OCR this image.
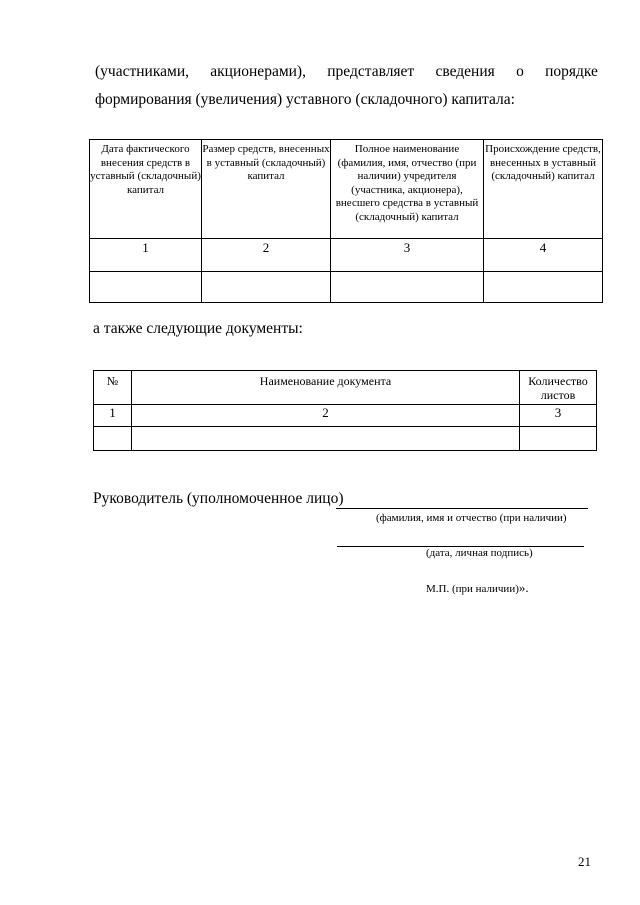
(участниками, акционерами), представляет сведения о порядке
формирования (увеличения) уставного (складочного) капитала:
Дата фактического внесения средств в уставный (складочный) капитал	Размер средств, внесенных в уставный (складочный) капитал	Полное наименование (фамилия, имя, отчество (при наличии) учредителя (участника, акционера), внесшего средства в уставный (складочный) капитал	Происхождение средств, внесенных в уставный (складочный) капитал
1	2	3	4

а также следующие документы:
№	Наименование документа	Количество листов
1	2	3

Руководитель (уполномоченное лицо)
(фамилия, имя и отчество (при наличии)
(дата, личная подпись)
М.П. (при наличии)».
21
